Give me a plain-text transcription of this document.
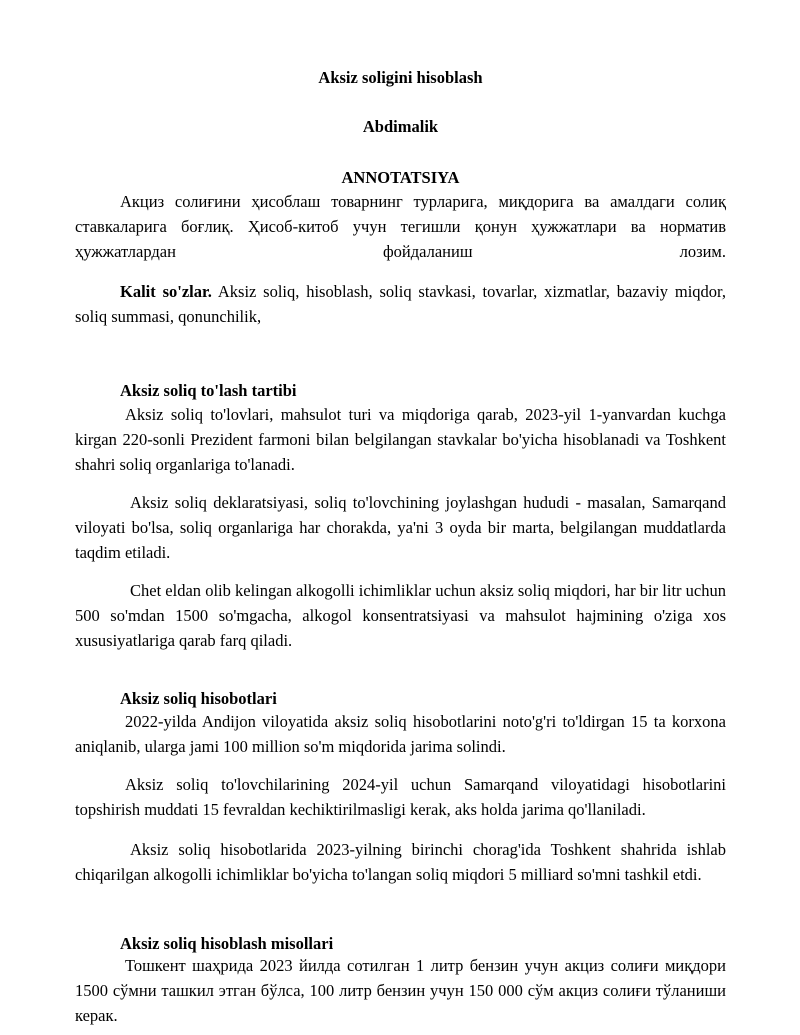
Aksiz soligini hisoblash
Abdimalik
ANNOTATSIYA

Акциз солиғини ҳисоблаш товарнинг турларига, миқдорига ва амалдаги солиқ ставкаларига боғлиқ. Ҳисоб-китоб учун тегишли қонун ҳужжатлари ва норматив ҳужжатлардан фойдаланиш лозим.

Kalit so'zlar. Aksiz soliq, hisoblash, soliq stavkasi, tovarlar, xizmatlar, bazaviy miqdor, soliq summasi, qonunchilik,

Aksiz soliq to'lash tartibi

Aksiz soliq to'lovlari, mahsulot turi va miqdoriga qarab, 2023-yil 1-yanvardan kuchga kirgan 220-sonli Prezident farmoni bilan belgilangan stavkalar bo'yicha hisoblanadi va Toshkent shahri soliq organlariga to'lanadi.

Aksiz soliq deklaratsiyasi, soliq to'lovchining joylashgan hududi - masalan, Samarqand viloyati bo'lsa, soliq organlariga har chorakda, ya'ni 3 oyda bir marta, belgilangan muddatlarda taqdim etiladi.

Chet eldan olib kelingan alkogolli ichimliklar uchun aksiz soliq miqdori, har bir litr uchun 500 so'mdan 1500 so'mgacha, alkogol konsentratsiyasi va mahsulot hajmining o'ziga xos xususiyatlariga qarab farq qiladi.

Aksiz soliq hisobotlari

2022-yilda Andijon viloyatida aksiz soliq hisobotlarini noto'g'ri to'ldirgan 15 ta korxona aniqlanib, ularga jami 100 million so'm miqdorida jarima solindi.

Aksiz soliq to'lovchilarining 2024-yil uchun Samarqand viloyatidagi hisobotlarini topshirish muddati 15 fevraldan kechiktirilmasligi kerak, aks holda jarima qo'llaniladi.

Aksiz soliq hisobotlarida 2023-yilning birinchi chorag'ida Toshkent shahrida ishlab chiqarilgan alkogolli ichimliklar bo'yicha to'langan soliq miqdori 5 milliard so'mni tashkil etdi.

Aksiz soliq hisoblash misollari

Тошкент шаҳрида 2023 йилда сотилган 1 литр бензин учун акциз солиғи миқдори 1500 сўмни ташкил этган бўлса, 100 литр бензин учун 150 000 сўм акциз солиғи тўланиши керак.
